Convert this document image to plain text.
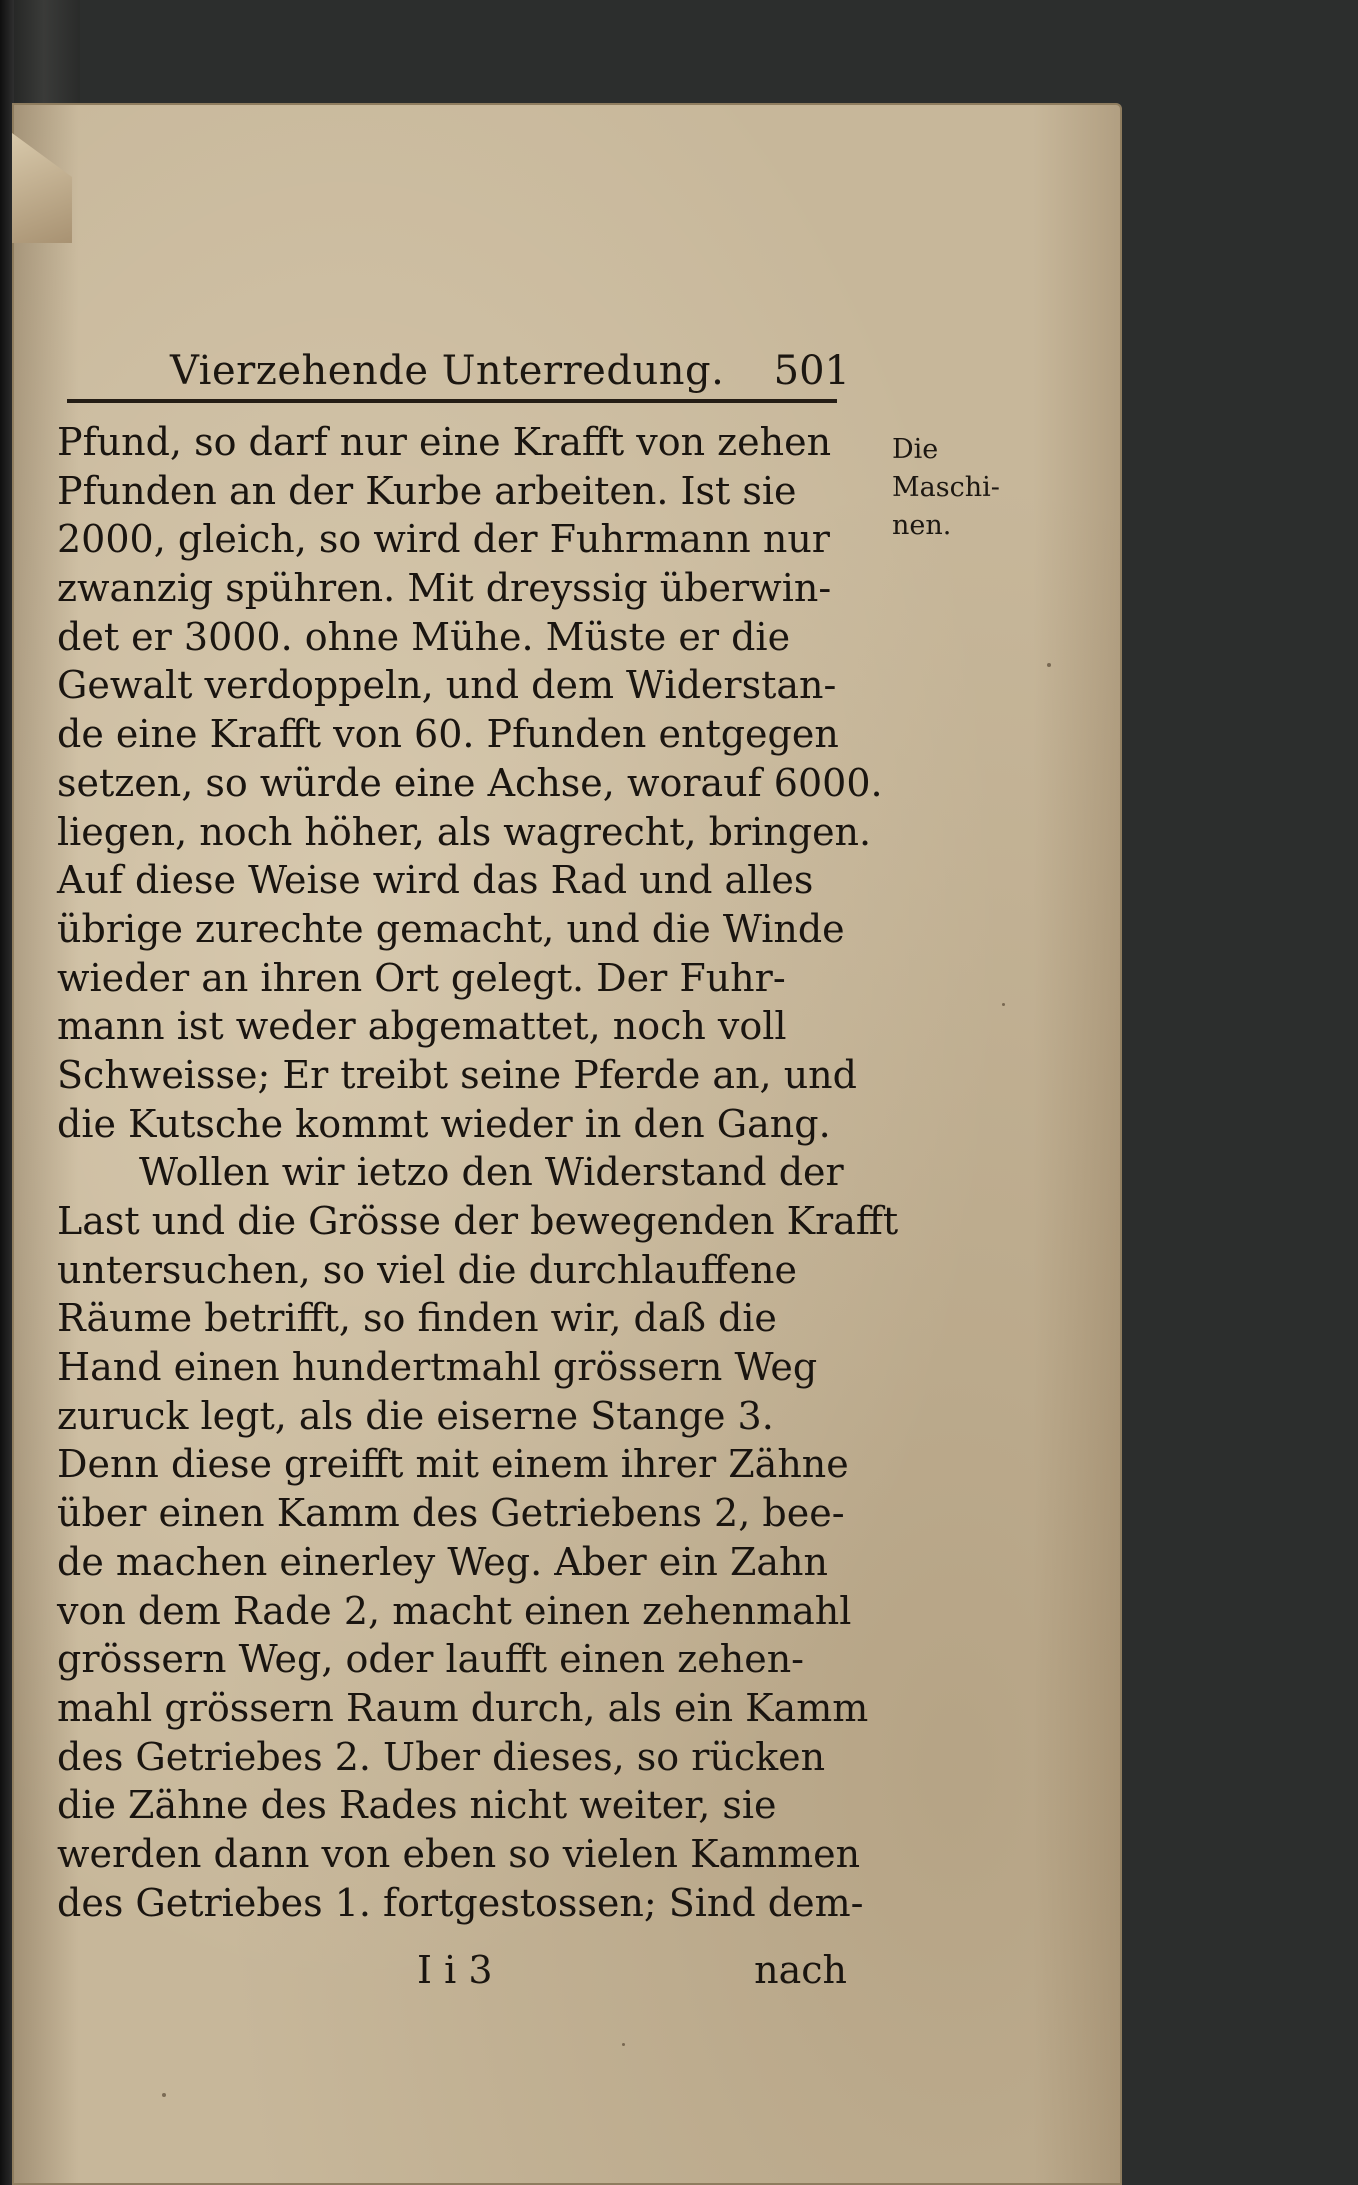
Vierzehende Unterredung. 501
Pfund, so darf nur eine Krafft von zehen
Pfunden an der Kurbe arbeiten. Ist sie
2000, gleich, so wird der Fuhrmann nur
zwanzig spühren. Mit dreyssig überwin-
det er 3000. ohne Mühe. Müste er die
Gewalt verdoppeln, und dem Widerstan-
de eine Krafft von 60. Pfunden entgegen
setzen, so würde eine Achse, worauf 6000.
liegen, noch höher, als wagrecht, bringen.
Auf diese Weise wird das Rad und alles
übrige zurechte gemacht, und die Winde
wieder an ihren Ort gelegt. Der Fuhr-
mann ist weder abgemattet, noch voll
Schweisse; Er treibt seine Pferde an, und
die Kutsche kommt wieder in den Gang.
Wollen wir ietzo den Widerstand der
Last und die Grösse der bewegenden Krafft
untersuchen, so viel die durchlauffene
Räume betrifft, so finden wir, daß die
Hand einen hundertmahl grössern Weg
zuruck legt, als die eiserne Stange 3.
Denn diese greifft mit einem ihrer Zähne
über einen Kamm des Getriebens 2, bee-
de machen einerley Weg. Aber ein Zahn
von dem Rade 2, macht einen zehenmahl
grössern Weg, oder laufft einen zehen-
mahl grössern Raum durch, als ein Kamm
des Getriebes 2. Uber dieses, so rücken
die Zähne des Rades nicht weiter, sie
werden dann von eben so vielen Kammen
des Getriebes 1. fortgestossen; Sind dem-
Die
Maschi-
nen.
I i 3	nach
